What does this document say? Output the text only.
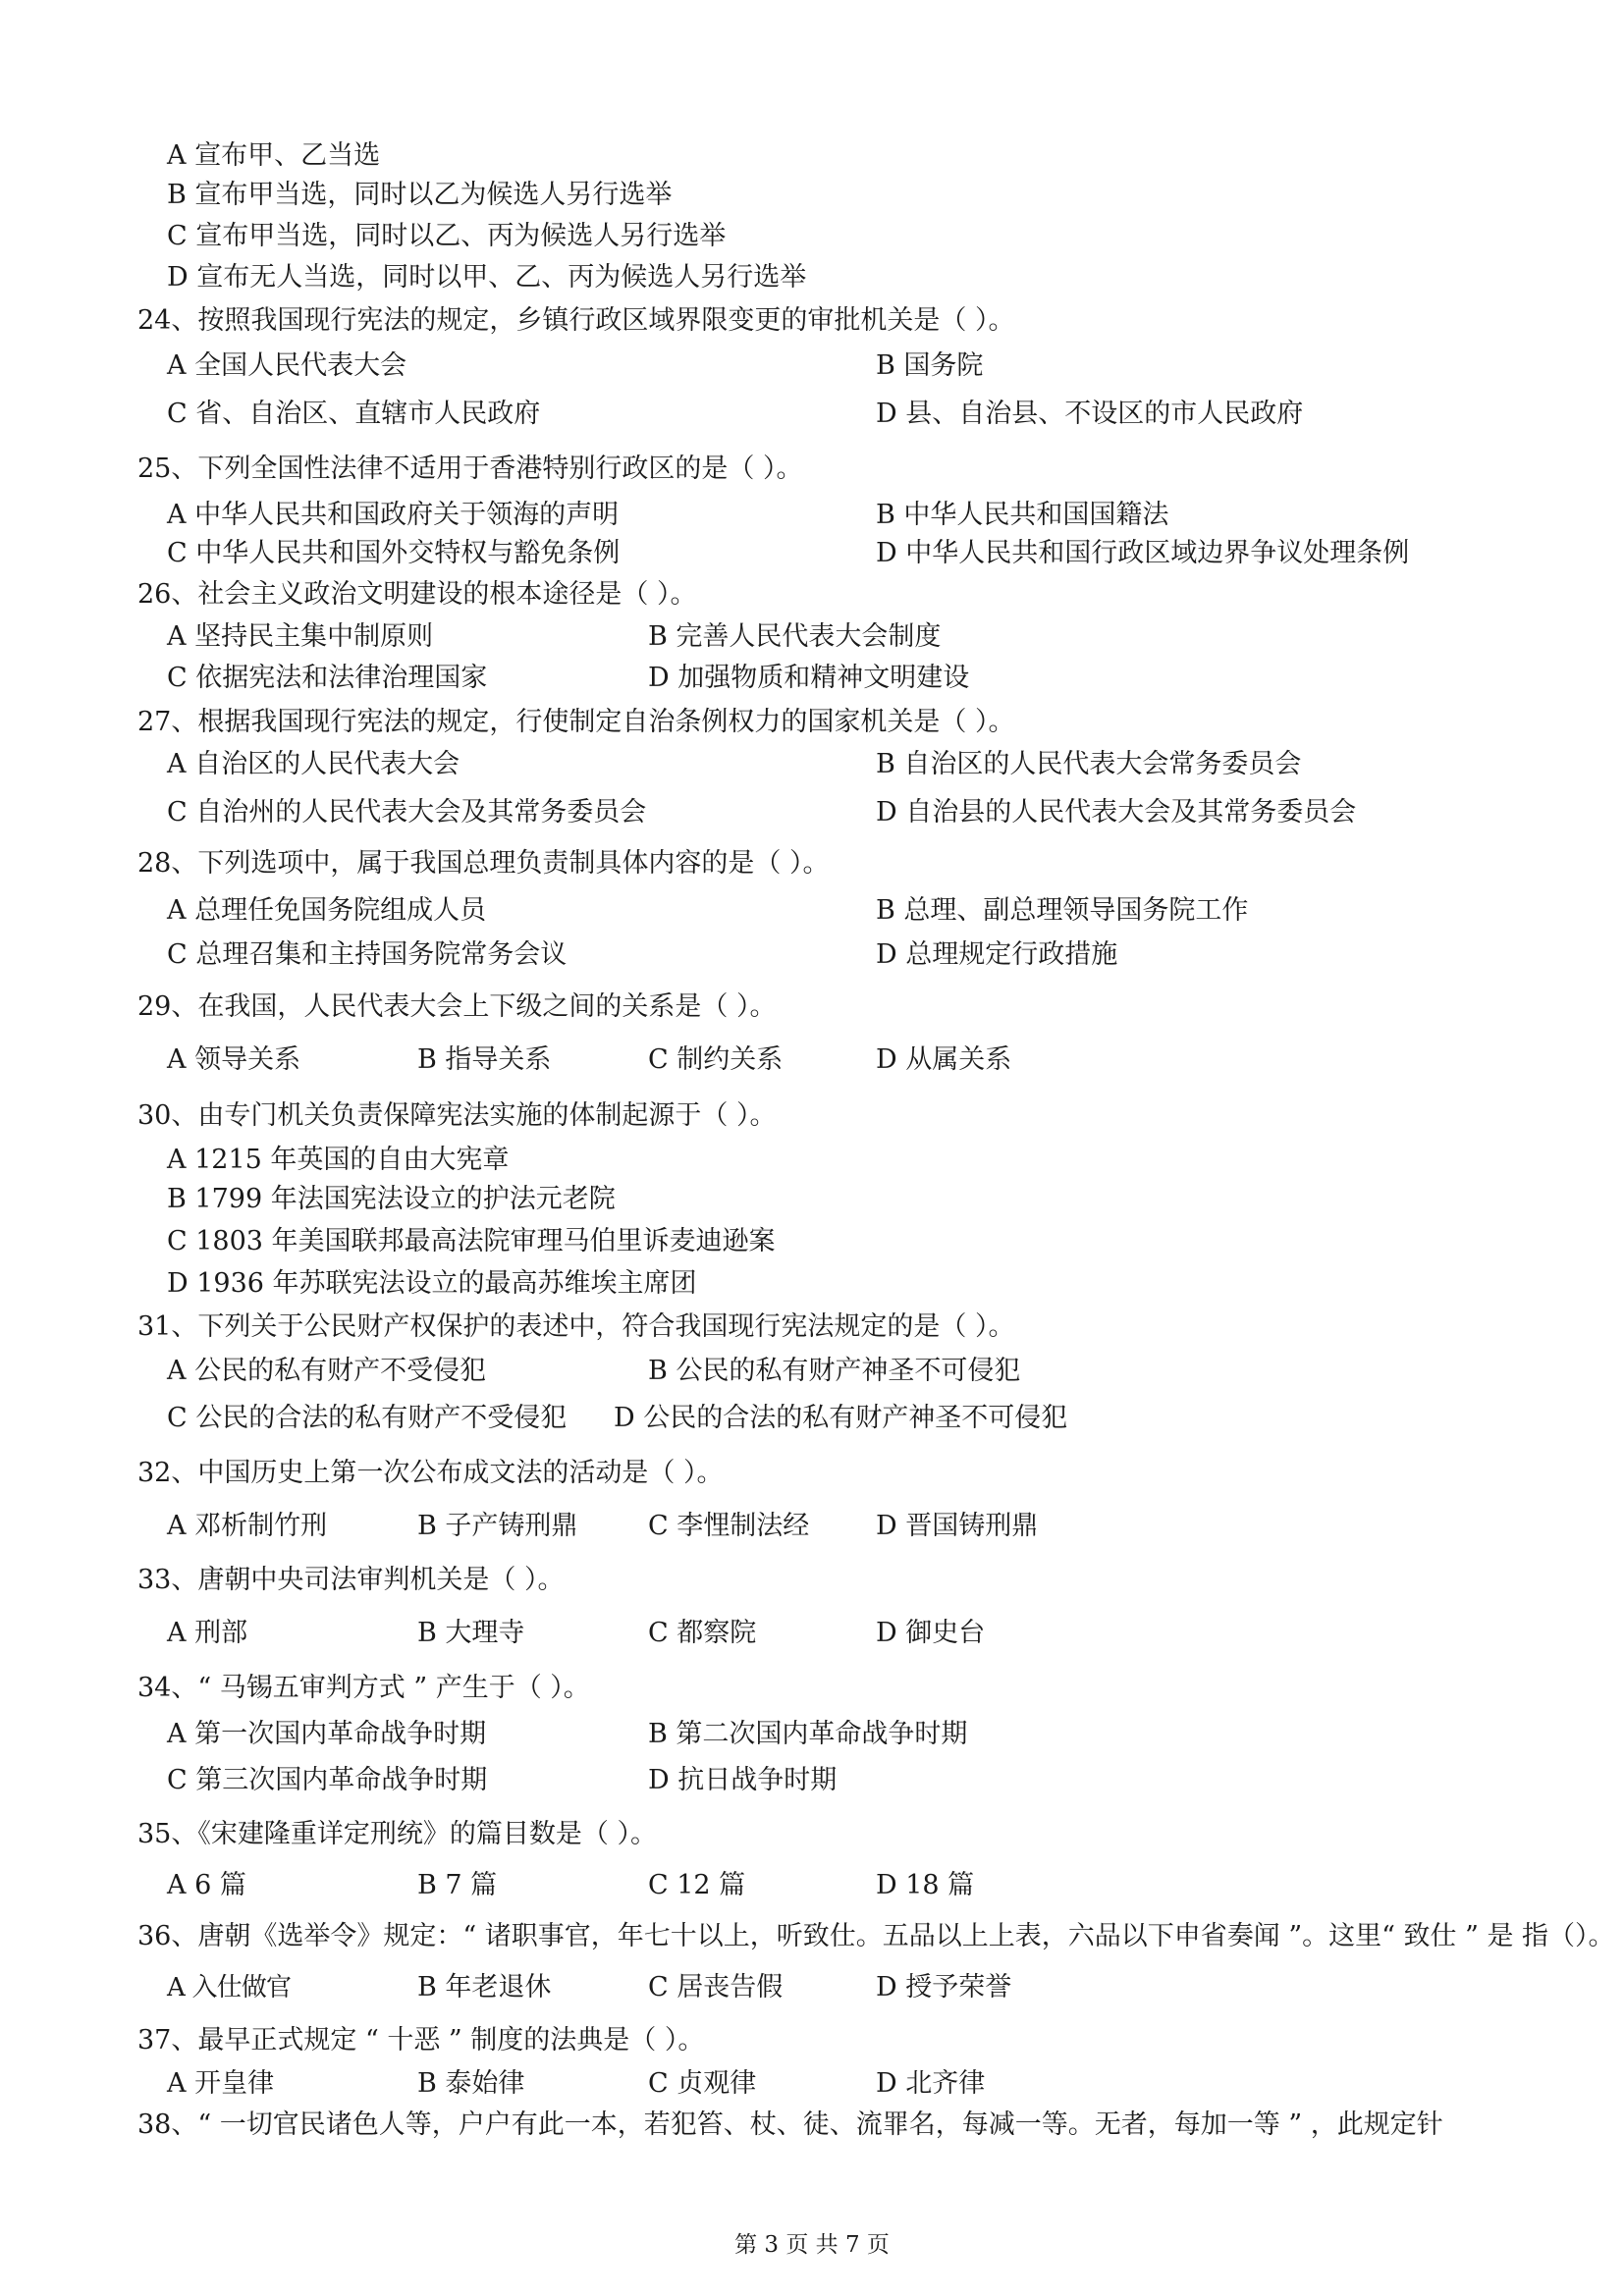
A 宣布甲、乙当选
B 宣布甲当选，同时以乙为候选人另行选举
C 宣布甲当选，同时以乙、丙为候选人另行选举
D 宣布无人当选，同时以甲、乙、丙为候选人另行选举
24、按照我国现行宪法的规定，乡镇行政区域界限变更的审批机关是（ ）。
A 全国人民代表大会	B 国务院
C 省、自治区、直辖市人民政府	D 县、自治县、不设区的市人民政府
25、下列全国性法律不适用于香港特别行政区的是（ ）。
A 中华人民共和国政府关于领海的声明	B 中华人民共和国国籍法
C 中华人民共和国外交特权与豁免条例	D 中华人民共和国行政区域边界争议处理条例
26、社会主义政治文明建设的根本途径是（ ）。
A 坚持民主集中制原则	B 完善人民代表大会制度
C 依据宪法和法律治理国家	D 加强物质和精神文明建设
27、根据我国现行宪法的规定，行使制定自治条例权力的国家机关是（ ）。
A 自治区的人民代表大会	B 自治区的人民代表大会常务委员会
C 自治州的人民代表大会及其常务委员会	D 自治县的人民代表大会及其常务委员会
28、下列选项中，属于我国总理负责制具体内容的是（ ）。
A 总理任免国务院组成人员	B 总理、副总理领导国务院工作
C 总理召集和主持国务院常务会议	D 总理规定行政措施
29、在我国，人民代表大会上下级之间的关系是（ ）。
A 领导关系	B 指导关系	C 制约关系	D 从属关系
30、由专门机关负责保障宪法实施的体制起源于（ ）。
A 1215 年英国的自由大宪章
B 1799 年法国宪法设立的护法元老院
C 1803 年美国联邦最高法院审理马伯里诉麦迪逊案
D 1936 年苏联宪法设立的最高苏维埃主席团
31、下列关于公民财产权保护的表述中，符合我国现行宪法规定的是（ ）。
A 公民的私有财产不受侵犯	B 公民的私有财产神圣不可侵犯
C 公民的合法的私有财产不受侵犯 D 公民的合法的私有财产神圣不可侵犯
32、中国历史上第一次公布成文法的活动是（ ）。
A 邓析制竹刑	B 子产铸刑鼎	C 李悝制法经	D 晋国铸刑鼎
33、唐朝中央司法审判机关是（ ）。
A 刑部	B 大理寺	C 都察院	D 御史台
34、“ 马锡五审判方式 ” 产生于（ ）。
A 第一次国内革命战争时期	B 第二次国内革命战争时期
C 第三次国内革命战争时期	D 抗日战争时期
35、《宋建隆重详定刑统》的篇目数是（ ）。
A 6 篇	B 7 篇	C 12 篇	D 18 篇
36、唐朝《选举令》规定：“ 诸职事官，年七十以上，听致仕。五品以上上表，六品以下申省奏闻 ”。这里“ 致仕 ” 是 指（）。
A 入仕做官	B 年老退休	C 居丧告假	D 授予荣誉
37、最早正式规定 “ 十恶 ” 制度的法典是（ ）。
A 开皇律	B 泰始律	C 贞观律	D 北齐律
38、“ 一切官民诸色人等，户户有此一本，若犯笞、杖、徒、流罪名，每减一等。无者，每加一等 ” ，此规定针
第 3 页 共 7 页
